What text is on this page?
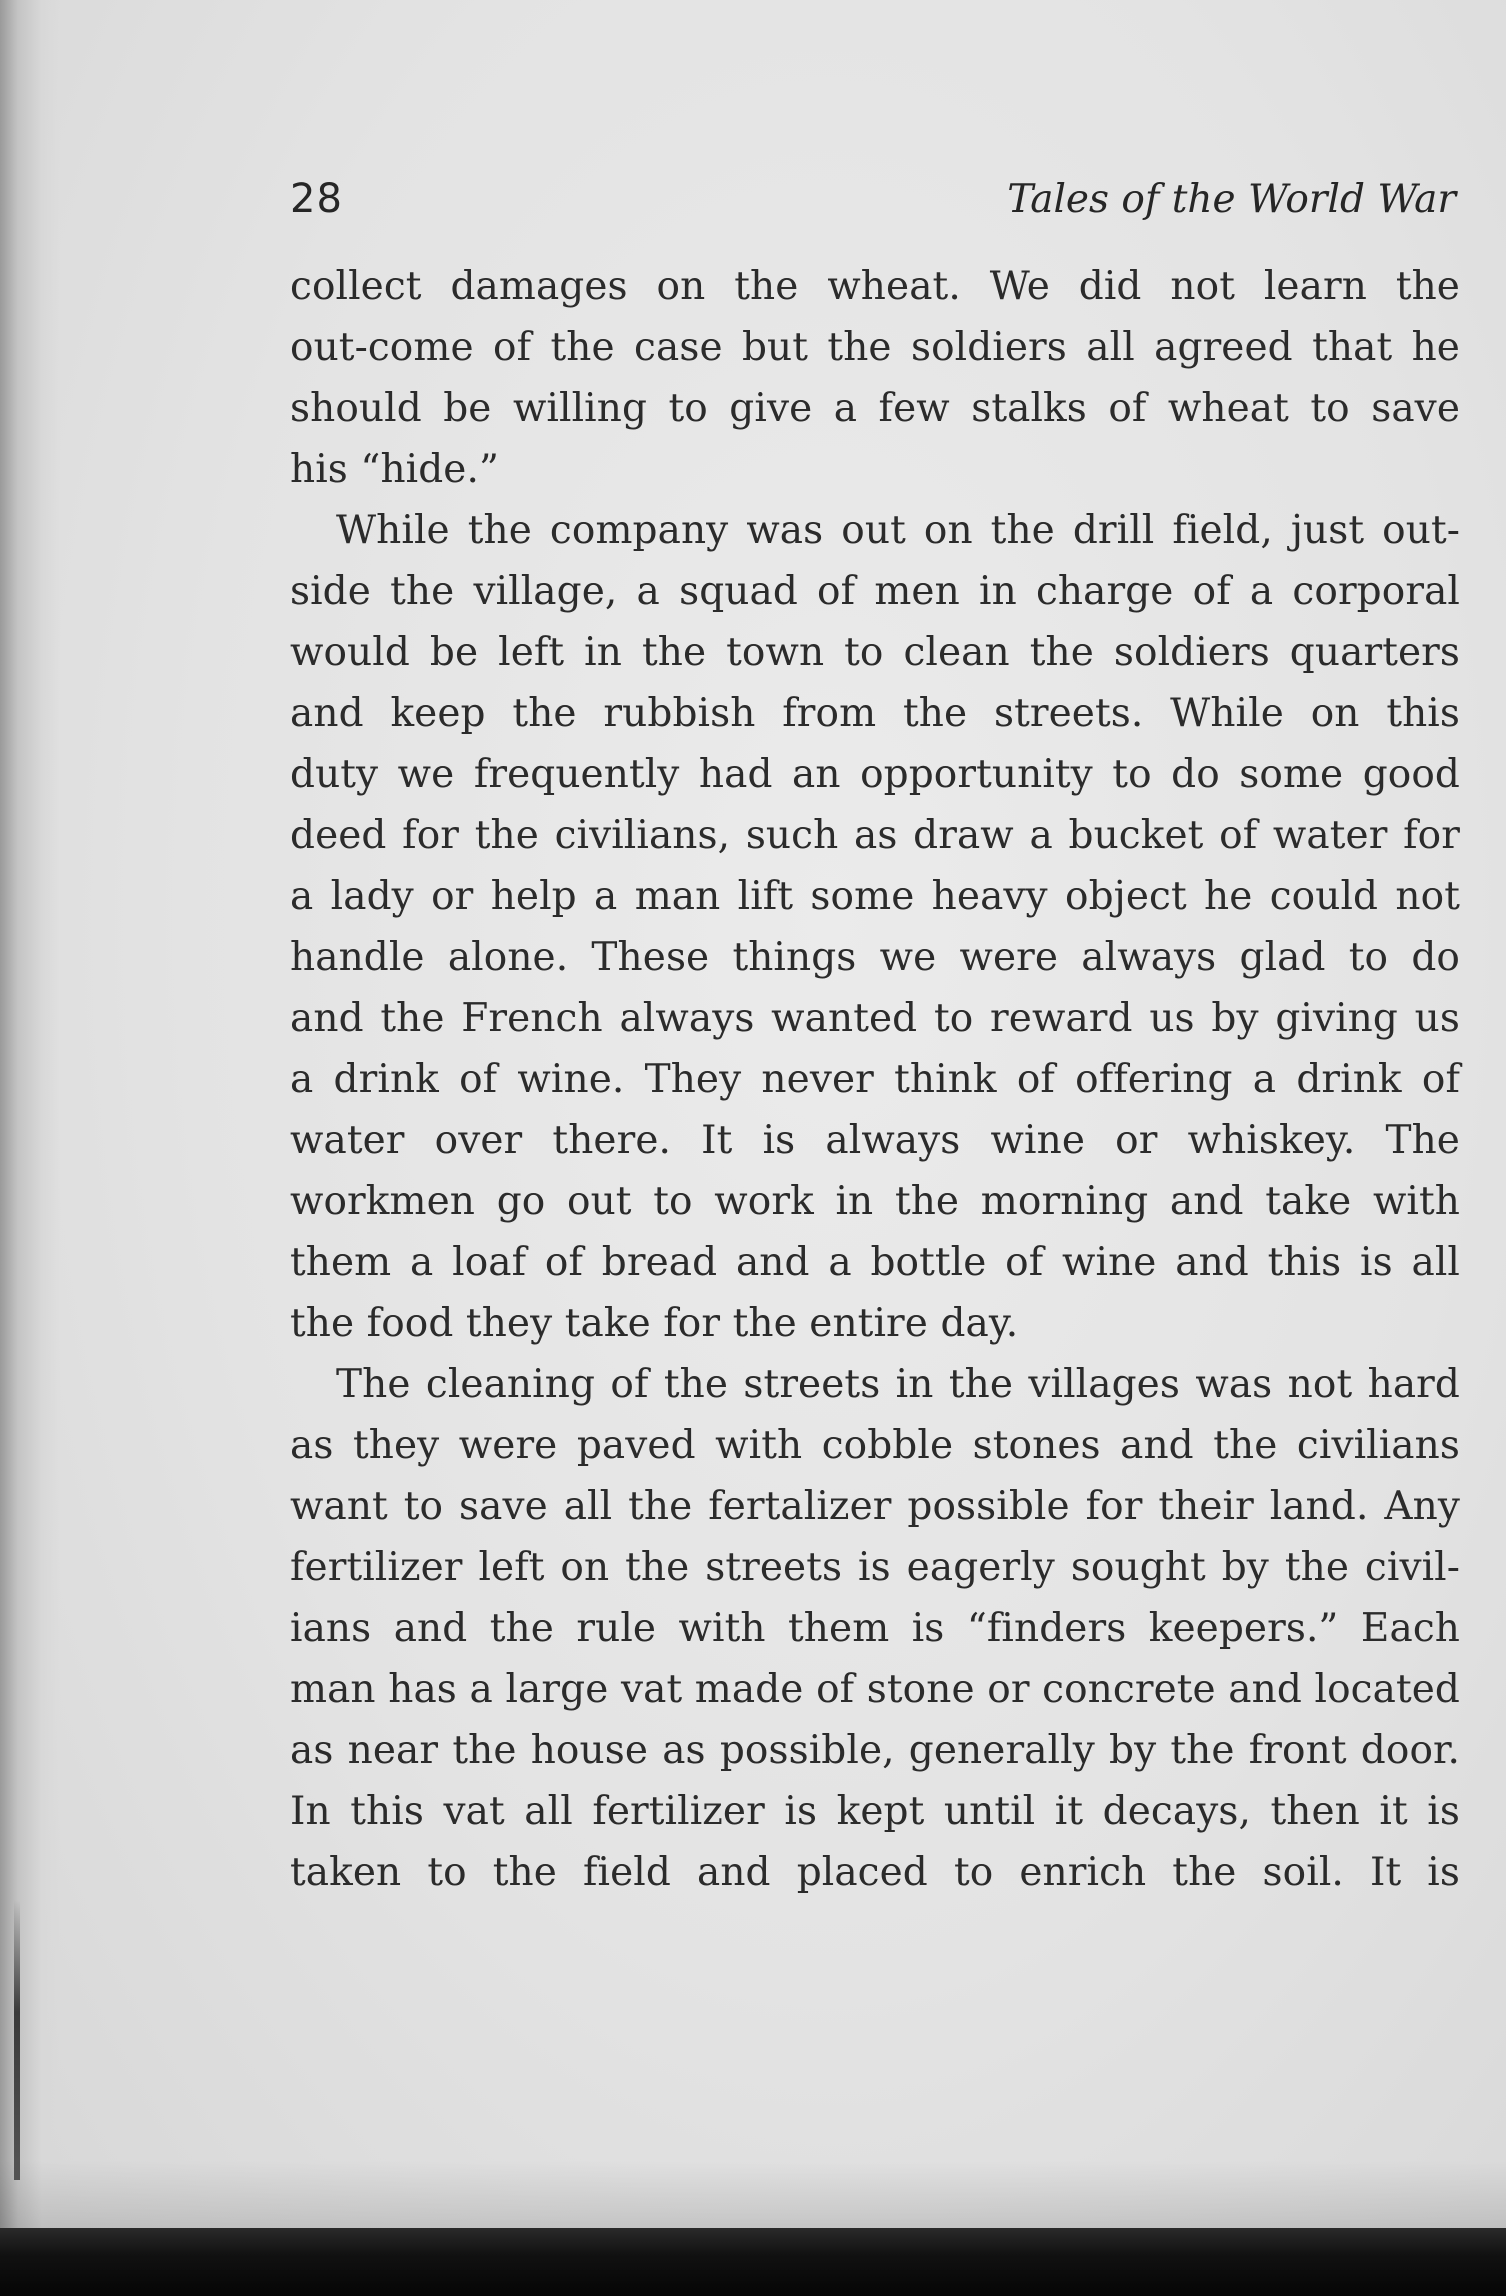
28	Tales of the World War

collect damages on the wheat. We did not learn the

out-come of the case but the soldiers all agreed that he

should be willing to give a few stalks of wheat to save

his “hide.”

While the company was out on the drill field, just out-

side the village, a squad of men in charge of a corporal

would be left in the town to clean the soldiers quarters

and keep the rubbish from the streets. While on this

duty we frequently had an opportunity to do some good

deed for the civilians, such as draw a bucket of water for

a lady or help a man lift some heavy object he could not

handle alone. These things we were always glad to do

and the French always wanted to reward us by giving us

a drink of wine. They never think of offering a drink of

water over there. It is always wine or whiskey. The

workmen go out to work in the morning and take with

them a loaf of bread and a bottle of wine and this is all

the food they take for the entire day.

The cleaning of the streets in the villages was not hard

as they were paved with cobble stones and the civilians

want to save all the fertalizer possible for their land. Any

fertilizer left on the streets is eagerly sought by the civil-

ians and the rule with them is “finders keepers.” Each

man has a large vat made of stone or concrete and located

as near the house as possible, generally by the front door.

In this vat all fertilizer is kept until it decays, then it is

taken to the field and placed to enrich the soil. It is
